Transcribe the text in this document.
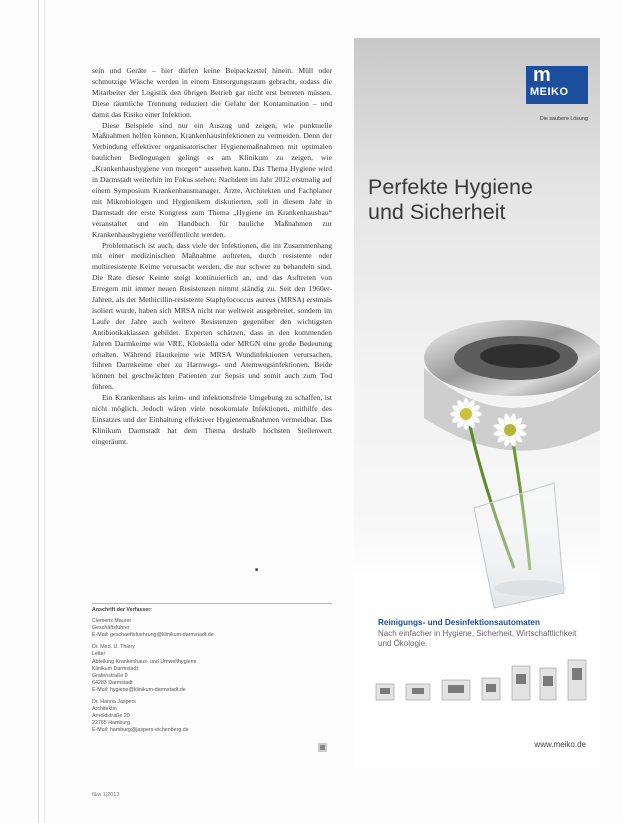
sein und Geräte – hier dürfen keine Beipackzettel hinein. Müll oder schmutzige Wäsche werden in einem Entsorgungsraum gebracht, sodass die Mitarbeiter der Logistik den übrigen Betrieb gar nicht erst betreten müssen. Diese räumliche Trennung reduziert die Gefahr der Kontamination – und damit das Risiko einer Infektion.

Diese Beispiele sind nur ein Auszug und zeigen, wie punktuelle Maßnahmen helfen können, Krankenhausinfektionen zu vermeiden. Denn der Verbindung effektiver organisatorischer Hygienemaßnahmen mit optimalen baulichen Bedingungen gelingt es am Klinikum zu zeigen, wie „Krankenhaushygiene von morgen“ aussehen kann. Das Thema Hygiene wird in Darmstadt weiterhin im Fokus stehen: Nachdem im Jahr 2012 erstmalig auf einem Symposium Krankenhausmanager, Ärzte, Architekten und Fachplaner mit Mikrobiologen und Hygienikern diskutierten, soll in diesem Jahr in Darmstadt der erste Kongress zum Thema „Hygiene im Krankenhausbau“ veranstaltet und ein Handbuch für bauliche Maßnahmen zur Krankenhaushygiene veröffentlicht werden.

Problematisch ist auch, dass viele der Infektionen, die im Zusammenhang mit einer medizinischen Maßnahme auftreten, durch resistente oder multiresistente Keime verursacht werden, die nur schwer zu behandeln sind. Die Rate dieser Keime steigt kontinuierlich an, und das Auftreten von Erregern mit immer neuen Resistenzen nimmt ständig zu. Seit den 1960er-Jahren, als der Methicillin-resistente Staphylococcus aureus (MRSA) erstmals isoliert wurde, haben sich MRSA nicht nur weltweit ausgebreitet, sondern im Laufe der Jahre auch weitere Resistenzen gegenüber den wichtigsten Antibiotikaklassen gebildet. Experten schätzen, dass in den kommenden Jahren Darmkeime wie VRE, Klebsiella oder MRGN eine große Bedeutung erhalten. Während Hautkeime wie MRSA Wundinfektionen verursachen, führen Darmkeime eher zu Harnwegs- und Atemwegsinfektionen. Beide können bei geschwächten Patienten zur Sepsis und somit auch zum Tod führen.

Ein Krankenhaus als keim- und infektionsfreie Umgebung zu schaffen, ist nicht möglich. Jedoch wären viele nosokomiale Infektionen, mithilfe des Einsatzes und der Einhaltung effektiver Hygienemaßnahmen vermeidbar. Das Klinikum Darmstadt hat dem Thema deshalb höchsten Stellenwert eingeräumt.

■
Anschrift der Verfasser:
Clemens Maurer
Geschäftsführer
E-Mail: geschaeftsfuehrung@klinikum-darmstadt.de
Dr. Med. U. Thiery
Leiter
Abteilung Krankenhaus- und Umwelthygiene
Klinikum Darmstadt
Grafenstraße 9
64283 Darmstadt
E-Mail: hygiene@klinikum-darmstadt.de
Dr. Hanna Jaspers
Architektin
Arnoldstraße 20
22765 Hamburg
E-Mail: hamburg@jaspers-eichenberg.de
f&w 1|2013
m
MEIKO
Die saubere Lösung
Perfekte Hygiene
und Sicherheit
Reinigungs- und Desinfektionsautomaten
Nach einfacher in Hygiene, Sicherheit, Wirtschaftlichkeit und Ökologie.
www.meiko.de
